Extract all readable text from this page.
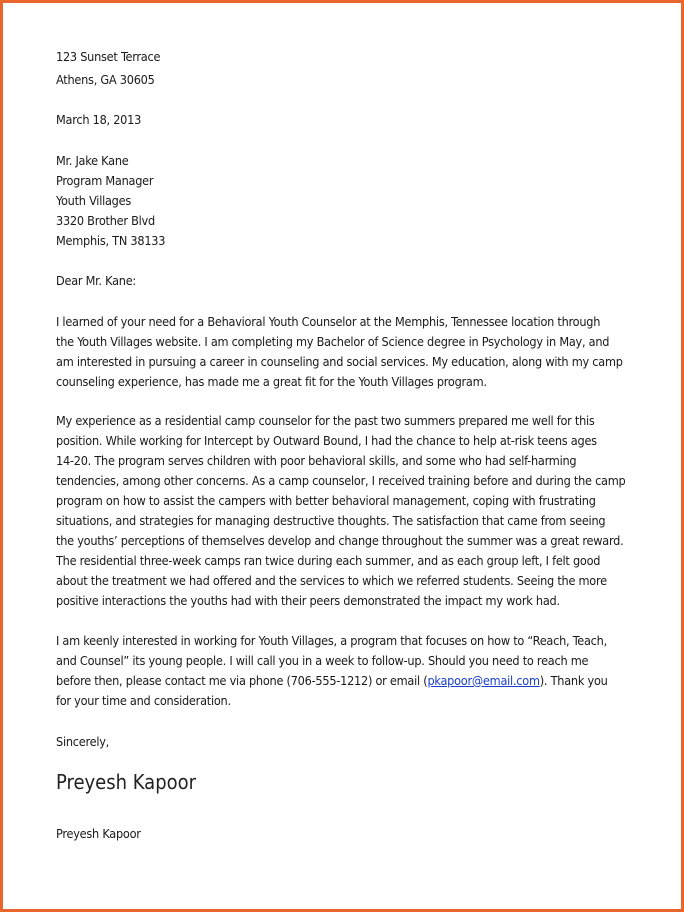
123 Sunset Terrace
Athens, GA 30605
March 18, 2013
Mr. Jake Kane
Program Manager
Youth Villages
3320 Brother Blvd
Memphis, TN 38133
Dear Mr. Kane:
I learned of your need for a Behavioral Youth Counselor at the Memphis, Tennessee location through
the Youth Villages website. I am completing my Bachelor of Science degree in Psychology in May, and
am interested in pursuing a career in counseling and social services. My education, along with my camp
counseling experience, has made me a great fit for the Youth Villages program.
My experience as a residential camp counselor for the past two summers prepared me well for this
position. While working for Intercept by Outward Bound, I had the chance to help at-risk teens ages
14-20. The program serves children with poor behavioral skills, and some who had self-harming
tendencies, among other concerns. As a camp counselor, I received training before and during the camp
program on how to assist the campers with better behavioral management, coping with frustrating
situations, and strategies for managing destructive thoughts. The satisfaction that came from seeing
the youths’ perceptions of themselves develop and change throughout the summer was a great reward.
The residential three-week camps ran twice during each summer, and as each group left, I felt good
about the treatment we had offered and the services to which we referred students. Seeing the more
positive interactions the youths had with their peers demonstrated the impact my work had.
I am keenly interested in working for Youth Villages, a program that focuses on how to “Reach, Teach,
and Counsel” its young people. I will call you in a week to follow-up. Should you need to reach me
before then, please contact me via phone (706-555-1212) or email (pkapoor@email.com). Thank you
for your time and consideration.
Sincerely,
Preyesh Kapoor
Preyesh Kapoor
